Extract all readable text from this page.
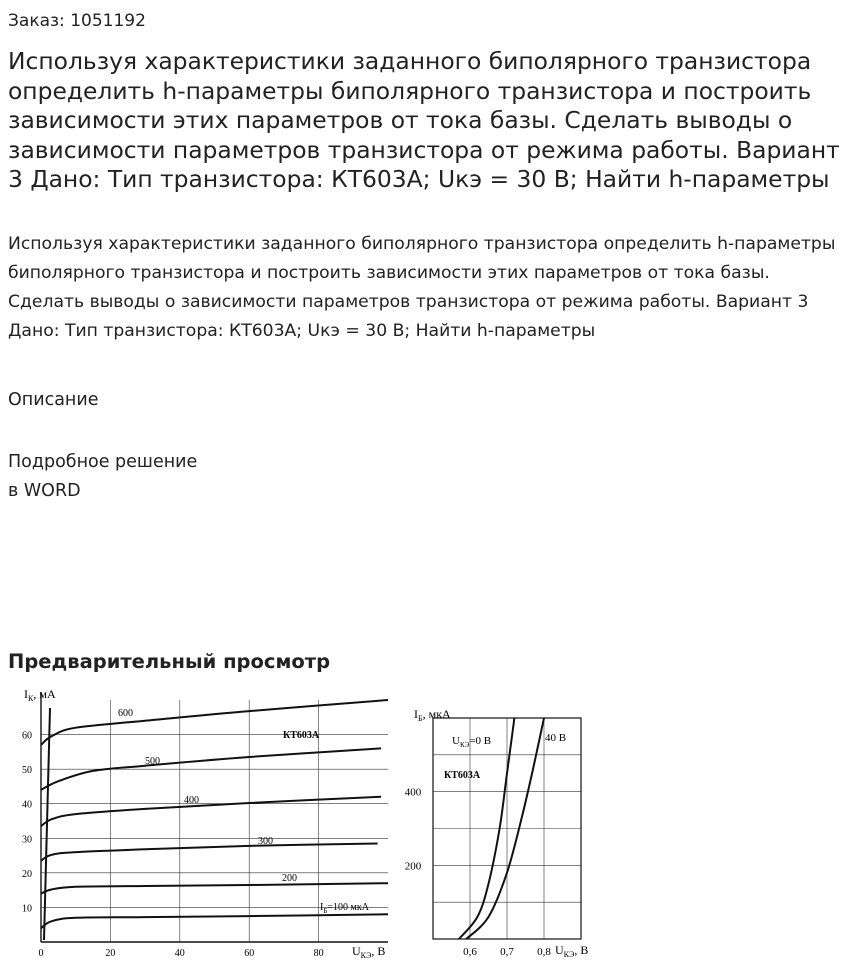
Заказ: 1051192
Используя характеристики заданного биполярного транзистора определить h-параметры биполярного транзистора и построить зависимости этих параметров от тока базы. Сделать выводы о зависимости параметров транзистора от режима работы. Вариант 3 Дано: Тип транзистора: КТ603А; Uкэ = 30 В; Найти h-параметры

Используя характеристики заданного биполярного транзистора определить h-параметры биполярного транзистора и построить зависимости этих параметров от тока базы. Сделать выводы о зависимости параметров транзистора от режима работы. Вариант 3 Дано: Тип транзистора: КТ603А; Uкэ = 30 В; Найти h-параметры

Описание
Подробное решение
в WORD
Предварительный просмотр
10
20
30
40
50
60
0	20	40	60	80
$I_К$, мА
$U_{КЭ}$, В
КТ603А
600
500
400
300
200
$I_Б=100$ мкА
200
400
0,6 0,7 0,8
$I_Б$, мкА
$U_{КЭ}$, В
КТ603А
$U_{КЭ}=0$ В	40 В
